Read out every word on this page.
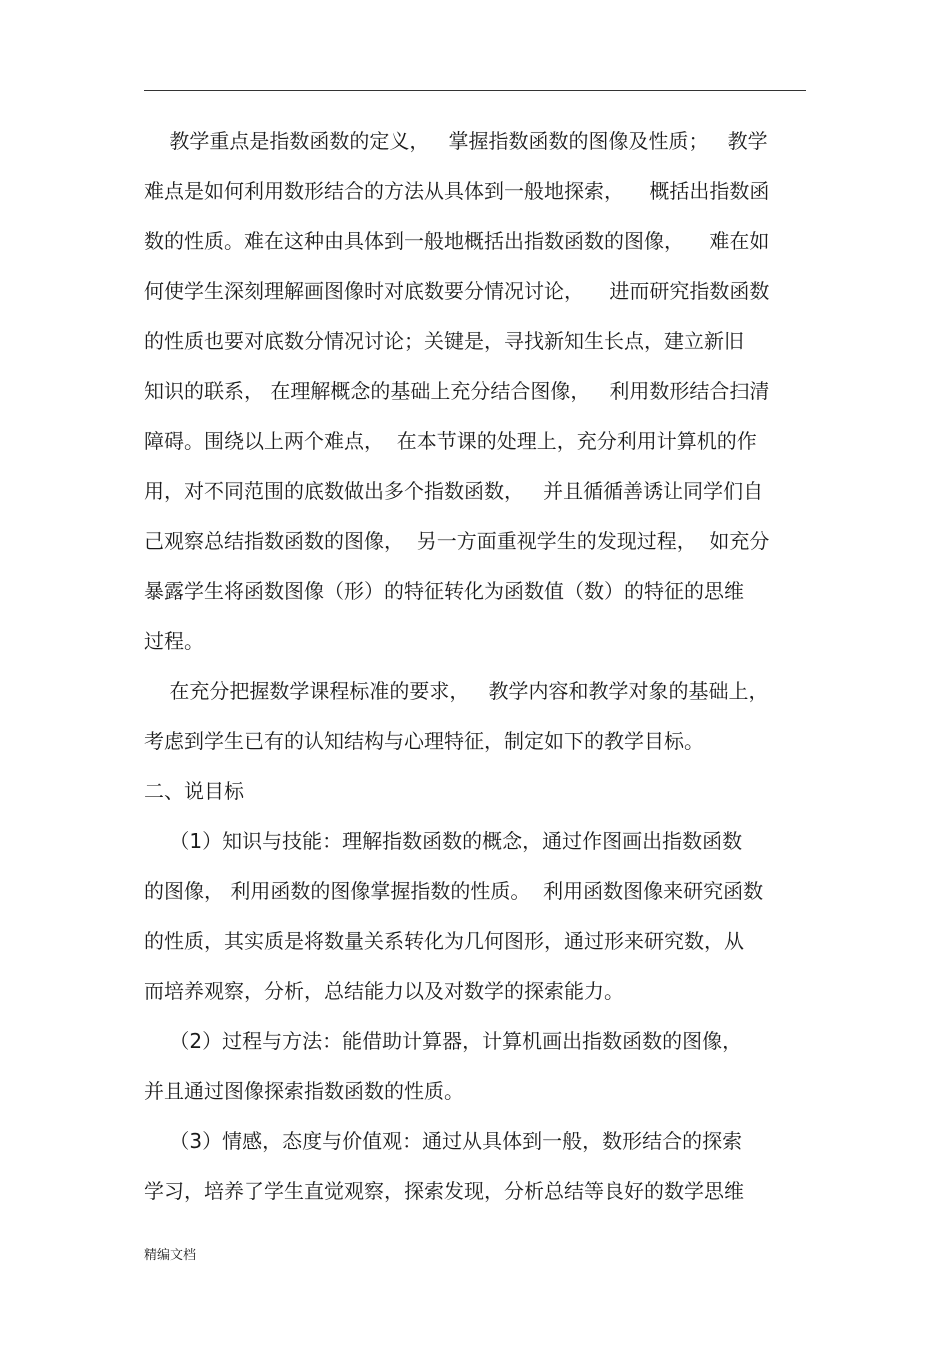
教学重点是指数函数的定义，   掌握指数函数的图像及性质；   教学
难点是如何利用数形结合的方法从具体到一般地探索，    概括出指数函
数的性质。难在这种由具体到一般地概括出指数函数的图像，    难在如
何使学生深刻理解画图像时对底数要分情况讨论，    进而研究指数函数
的性质也要对底数分情况讨论；关键是，寻找新知生长点，建立新旧
知识的联系， 在理解概念的基础上充分结合图像，   利用数形结合扫清
障碍。围绕以上两个难点，  在本节课的处理上，充分利用计算机的作
用，对不同范围的底数做出多个指数函数，   并且循循善诱让同学们自
己观察总结指数函数的图像，  另一方面重视学生的发现过程，  如充分
暴露学生将函数图像（形）的特征转化为函数值（数）的特征的思维
过程。
在充分把握数学课程标准的要求，   教学内容和教学对象的基础上，
考虑到学生已有的认知结构与心理特征，制定如下的教学目标。
二、说目标
（1）知识与技能：理解指数函数的概念，通过作图画出指数函数
的图像， 利用函数的图像掌握指数的性质。  利用函数图像来研究函数
的性质，其实质是将数量关系转化为几何图形，通过形来研究数，从
而培养观察，分析，总结能力以及对数学的探索能力。
（2）过程与方法：能借助计算器，计算机画出指数函数的图像，
并且通过图像探索指数函数的性质。
（3）情感，态度与价值观：通过从具体到一般，数形结合的探索
学习，培养了学生直觉观察，探索发现，分析总结等良好的数学思维
精编文档
